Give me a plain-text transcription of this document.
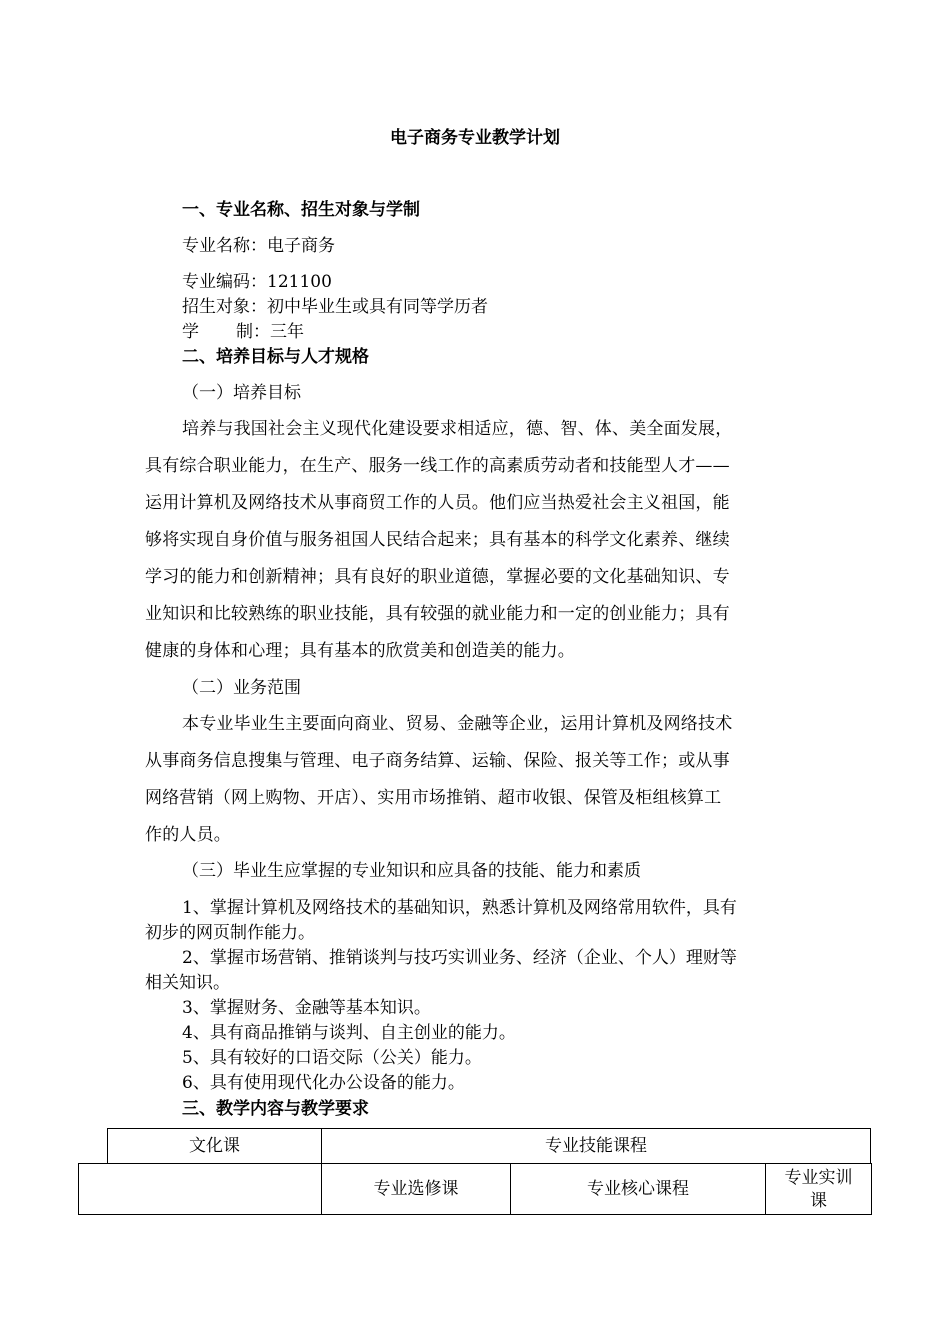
电子商务专业教学计划
一、专业名称、招生对象与学制
专业名称：电子商务
专业编码：121100
招生对象：初中毕业生或具有同等学历者
学 制：三年
二、培养目标与人才规格
（一）培养目标
培养与我国社会主义现代化建设要求相适应，德、智、体、美全面发展，
具有综合职业能力，在生产、服务一线工作的高素质劳动者和技能型人才——
运用计算机及网络技术从事商贸工作的人员。他们应当热爱社会主义祖国，能
够将实现自身价值与服务祖国人民结合起来；具有基本的科学文化素养、继续
学习的能力和创新精神；具有良好的职业道德，掌握必要的文化基础知识、专
业知识和比较熟练的职业技能，具有较强的就业能力和一定的创业能力；具有
健康的身体和心理；具有基本的欣赏美和创造美的能力。
（二）业务范围
本专业毕业生主要面向商业、贸易、金融等企业，运用计算机及网络技术
从事商务信息搜集与管理、电子商务结算、运输、保险、报关等工作；或从事
网络营销（网上购物、开店）、实用市场推销、超市收银、保管及柜组核算工
作的人员。
（三）毕业生应掌握的专业知识和应具备的技能、能力和素质
1、掌握计算机及网络技术的基础知识，熟悉计算机及网络常用软件，具有
初步的网页制作能力。
2、掌握市场营销、推销谈判与技巧实训业务、经济（企业、个人）理财等
相关知识。
3、掌握财务、金融等基本知识。
4、具有商品推销与谈判、自主创业的能力。
5、具有较好的口语交际（公关）能力。
6、具有使用现代化办公设备的能力。
三、教学内容与教学要求
文化课	专业技能课程
专业选修课	专业核心课程
专业实训
课
